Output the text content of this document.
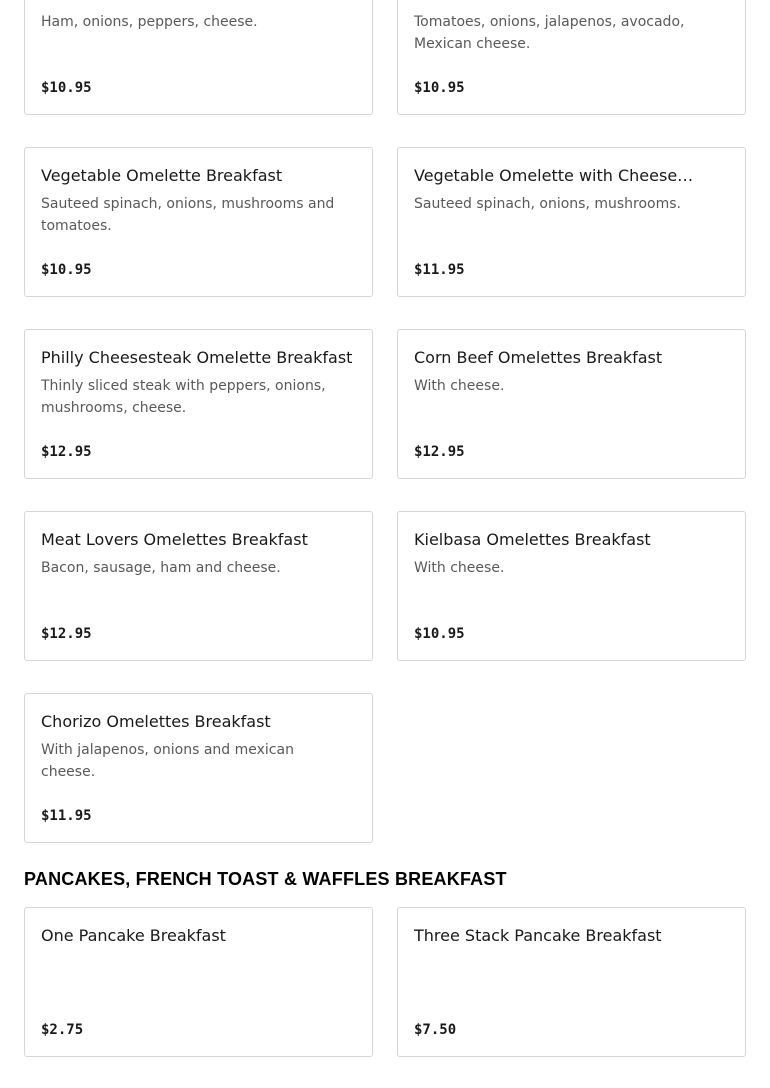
Ham, onions, peppers, cheese.
$10.95
Tomatoes, onions, jalapenos, avocado, Mexican cheese.
$10.95
Vegetable Omelette Breakfast
Sauteed spinach, onions, mushrooms and tomatoes.
$10.95
Vegetable Omelette with Cheese…
Sauteed spinach, onions, mushrooms.
$11.95
Philly Cheesesteak Omelette Breakfast
Thinly sliced steak with peppers, onions, mushrooms, cheese.
$12.95
Corn Beef Omelettes Breakfast
With cheese.
$12.95
Meat Lovers Omelettes Breakfast
Bacon, sausage, ham and cheese.
$12.95
Kielbasa Omelettes Breakfast
With cheese.
$10.95
Chorizo Omelettes Breakfast
With jalapenos, onions and mexican cheese.
$11.95
PANCAKES, FRENCH TOAST & WAFFLES BREAKFAST
One Pancake Breakfast
$2.75
Three Stack Pancake Breakfast
$7.50
